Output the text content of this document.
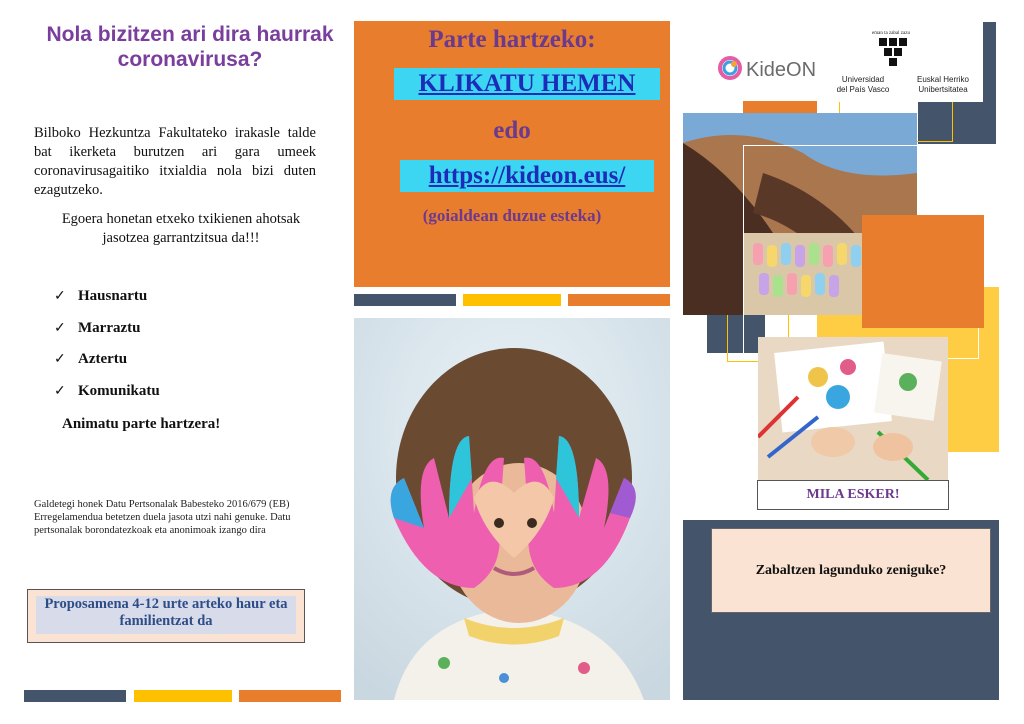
Nola bizitzen ari dira haurrak coronavirusa?
Bilboko Hezkuntza Fakultateko irakasle talde bat ikerketa burutzen ari gara umeek coronavirusagaitiko itxialdia nola bizi duten ezagutzeko.
Egoera honetan etxeko txikienen ahotsak jasotzea garrantzitsua da!!!
✓ Hausnartu
✓ Marraztu
✓ Aztertu
✓ Komunikatu
Animatu parte hartzera!
Galdetegi honek Datu Pertsonalak Babesteko 2016/679 (EB) Erregelamendua betetzen duela jasota utzi nahi genuke. Datu pertsonalak borondatezkoak eta anonimoak izango dira
Proposamena 4-12 urte arteko haur eta familientzat da
Parte hartzeko:
KLIKATU HEMEN
edo
https://kideon.eus/
(goialdean duzue esteka)
KideON
eman ta zabal zazu
Universidad
del País Vasco
Euskal Herriko
Unibertsitatea
MILA ESKER!
Zabaltzen lagunduko zeniguke?
